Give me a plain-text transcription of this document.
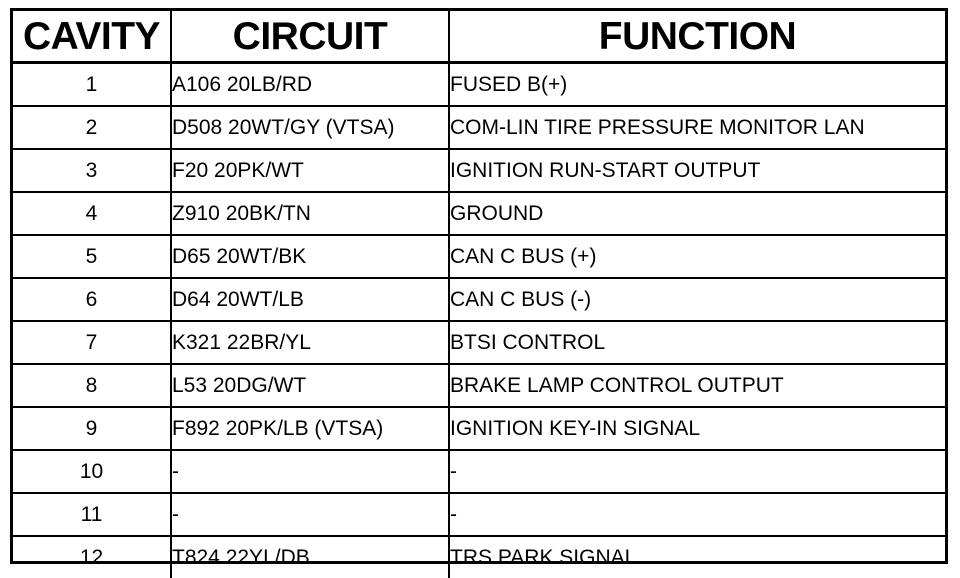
CAVITY	CIRCUIT	FUNCTION
1	A106 20LB/RD	FUSED B(+)
2	D508 20WT/GY (VTSA)	COM-LIN TIRE PRESSURE MONITOR LAN
3	F20 20PK/WT	IGNITION RUN-START OUTPUT
4	Z910 20BK/TN	GROUND
5	D65 20WT/BK	CAN C BUS (+)
6	D64 20WT/LB	CAN C BUS (-)
7	K321 22BR/YL	BTSI CONTROL
8	L53 20DG/WT	BRAKE LAMP CONTROL OUTPUT
9	F892 20PK/LB (VTSA)	IGNITION KEY-IN SIGNAL
10	-	-
11	-	-
12	T824 22YL/DB	TRS PARK SIGNAL
